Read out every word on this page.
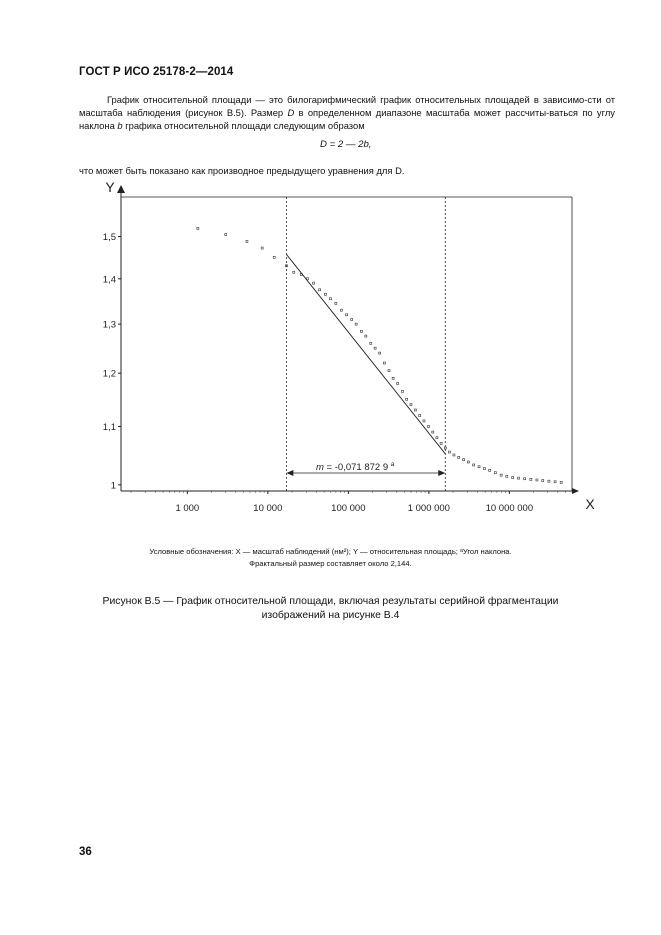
ГОСТ Р ИСО 25178-2—2014
График относительной площади — это билогарифмический график относительных площадей в зависимо-сти от масштаба наблюдения (рисунок В.5). Размер D в определенном диапазоне масштаба может рассчиты-ваться по углу наклона b графика относительной площади следующим образом
D = 2 — 2b,
что может быть показано как производное предыдущего уравнения для D.
X
Y
1
1,1
1,2
1,3
1,4
1,5
1 000	10 000	100 000	1 000 000	10 000 000
m = -0,071 872 9 $^a$
Условные обозначения: X — масштаб наблюдений (нм²); Y — относительная площадь; ᵃУгол наклона.
Фрактальный размер составляет около 2,144.
Рисунок В.5 — График относительной площади, включая результаты серийной фрагментации
изображений на рисунке В.4
36
